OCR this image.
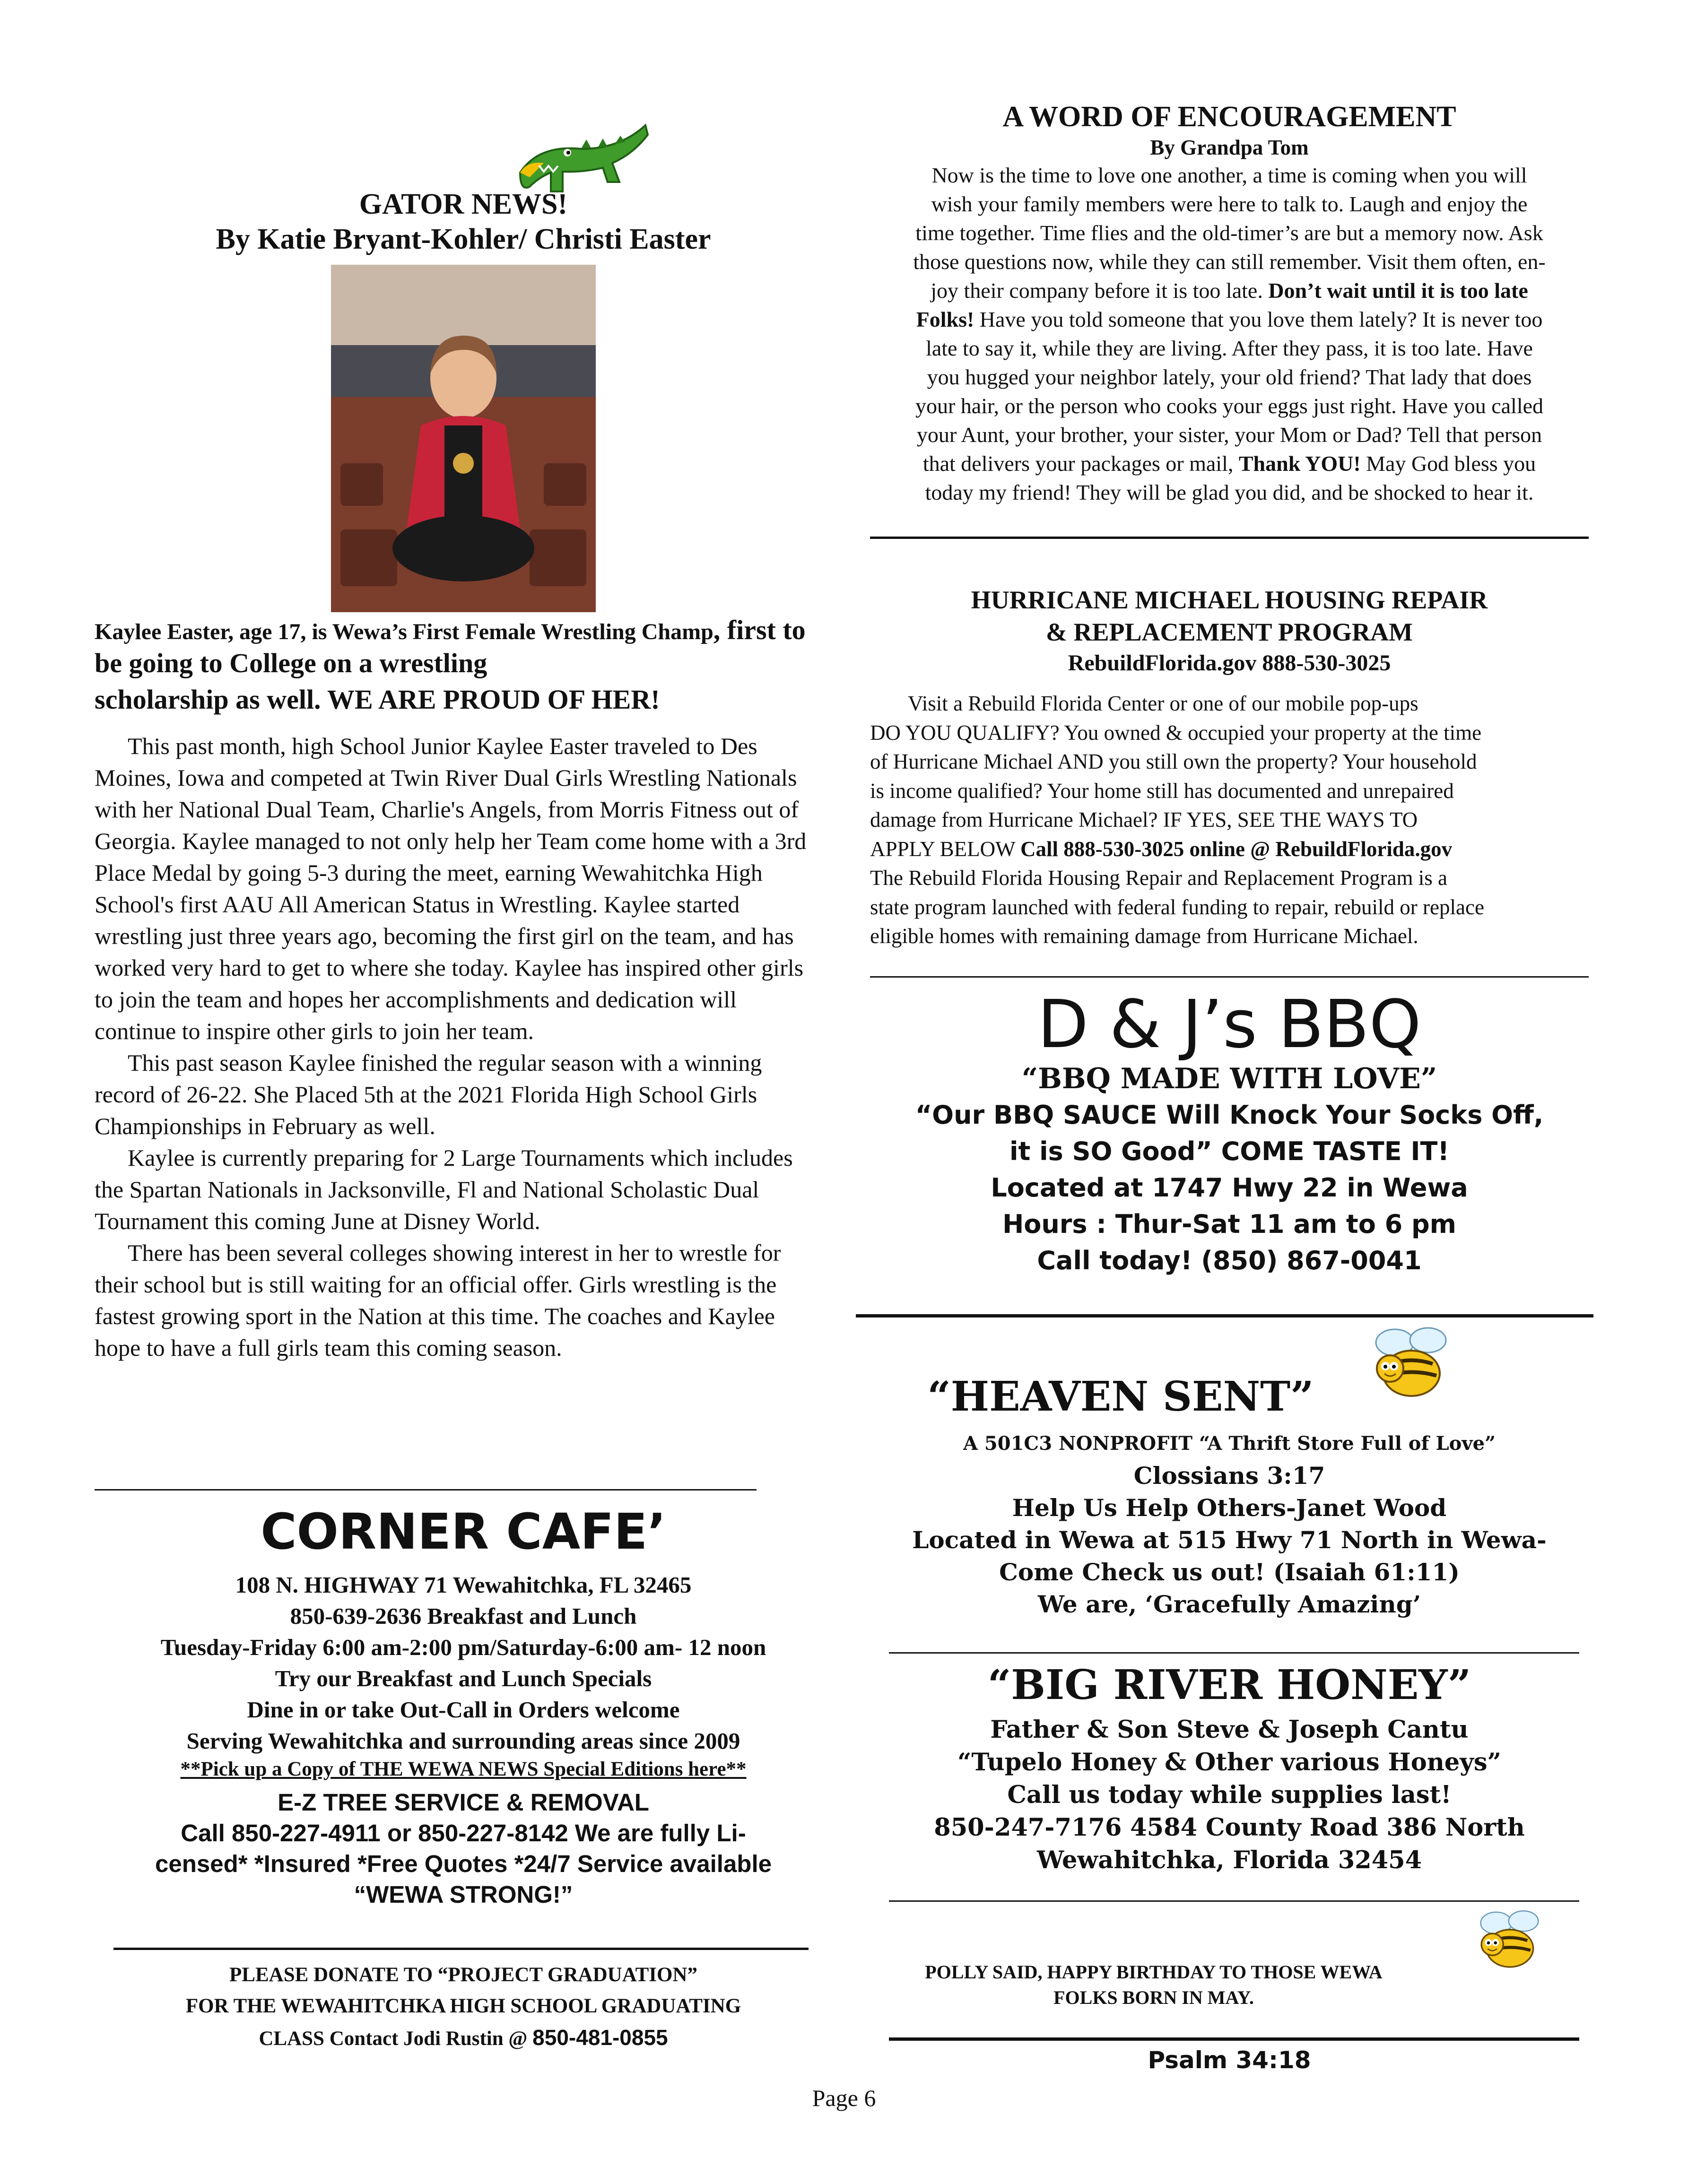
GATOR NEWS!
By Katie Bryant-Kohler/ Christi Easter
Kaylee Easter, age 17, is Wewa’s First Female Wrestling Champ, first to be going to College on a wrestling
scholarship as well. WE ARE PROUD OF HER!

This past month, high School Junior Kaylee Easter traveled to Des Moines, Iowa and competed at Twin River Dual Girls Wrestling Nationals with her National Dual Team, Charlie's Angels, from Morris Fitness out of Georgia. Kaylee managed to not only help her Team come home with a 3rd Place Medal by going 5-3 during the meet, earning Wewahitchka High School's first AAU All American Status in Wrestling. Kaylee started wrestling just three years ago, becoming the first girl on the team, and has worked very hard to get to where she today. Kaylee has inspired other girls to join the team and hopes her accomplishments and dedication will continue to inspire other girls to join her team.

This past season Kaylee finished the regular season with a winning record of 26-22. She Placed 5th at the 2021 Florida High School Girls Championships in February as well.

Kaylee is currently preparing for 2 Large Tournaments which includes the Spartan Nationals in Jacksonville, Fl and National Scholastic Dual Tournament this coming June at Disney World.

There has been several colleges showing interest in her to wrestle for their school but is still waiting for an official offer. Girls wrestling is the fastest growing sport in the Nation at this time. The coaches and Kaylee hope to have a full girls team this coming season.

CORNER CAFE’
108 N. HIGHWAY 71 Wewahitchka, FL 32465
850-639-2636 Breakfast and Lunch
Tuesday-Friday 6:00 am-2:00 pm/Saturday-6:00 am- 12 noon
Try our Breakfast and Lunch Specials
Dine in or take Out-Call in Orders welcome
Serving Wewahitchka and surrounding areas since 2009
**Pick up a Copy of THE WEWA NEWS Special Editions here**
E-Z TREE SERVICE & REMOVAL
Call 850-227-4911 or 850-227-8142 We are fully Li-
censed* *Insured *Free Quotes *24/7 Service available
“WEWA STRONG!”
PLEASE DONATE TO “PROJECT GRADUATION”
FOR THE WEWAHITCHKA HIGH SCHOOL GRADUATING
CLASS Contact Jodi Rustin @ 850-481-0855
A WORD OF ENCOURAGEMENT
By Grandpa Tom
Now is the time to love one another, a time is coming when you will
wish your family members were here to talk to. Laugh and enjoy the
time together. Time flies and the old-timer’s are but a memory now. Ask
those questions now, while they can still remember. Visit them often, en-
joy their company before it is too late. Don’t wait until it is too late
Folks! Have you told someone that you love them lately? It is never too
late to say it, while they are living. After they pass, it is too late. Have
you hugged your neighbor lately, your old friend? That lady that does
your hair, or the person who cooks your eggs just right. Have you called
your Aunt, your brother, your sister, your Mom or Dad? Tell that person
that delivers your packages or mail, Thank YOU! May God bless you
today my friend! They will be glad you did, and be shocked to hear it.
HURRICANE MICHAEL HOUSING REPAIR
& REPLACEMENT PROGRAM
RebuildFlorida.gov 888-530-3025
Visit a Rebuild Florida Center or one of our mobile pop-ups
DO YOU QUALIFY? You owned & occupied your property at the time
of Hurricane Michael AND you still own the property? Your household
is income qualified? Your home still has documented and unrepaired
damage from Hurricane Michael? IF YES, SEE THE WAYS TO
APPLY BELOW Call 888-530-3025 online @ RebuildFlorida.gov
The Rebuild Florida Housing Repair and Replacement Program is a
state program launched with federal funding to repair, rebuild or replace
eligible homes with remaining damage from Hurricane Michael.
D & J’s BBQ
“BBQ MADE WITH LOVE”
“Our BBQ SAUCE Will Knock Your Socks Off,
it is SO Good” COME TASTE IT!
Located at 1747 Hwy 22 in Wewa
Hours : Thur-Sat 11 am to 6 pm
Call today! (850) 867-0041
“HEAVEN SENT”
A 501C3 NONPROFIT “A Thrift Store Full of Love”
Clossians 3:17
Help Us Help Others-Janet Wood
Located in Wewa at 515 Hwy 71 North in Wewa-
Come Check us out! (Isaiah 61:11)
We are, ‘Gracefully Amazing’
“BIG RIVER HONEY”
Father & Son Steve & Joseph Cantu
“Tupelo Honey & Other various Honeys”
Call us today while supplies last!
850-247-7176 4584 County Road 386 North
Wewahitchka, Florida 32454
POLLY SAID, HAPPY BIRTHDAY TO THOSE WEWA
FOLKS BORN IN MAY.
Psalm 34:18
Page 6
